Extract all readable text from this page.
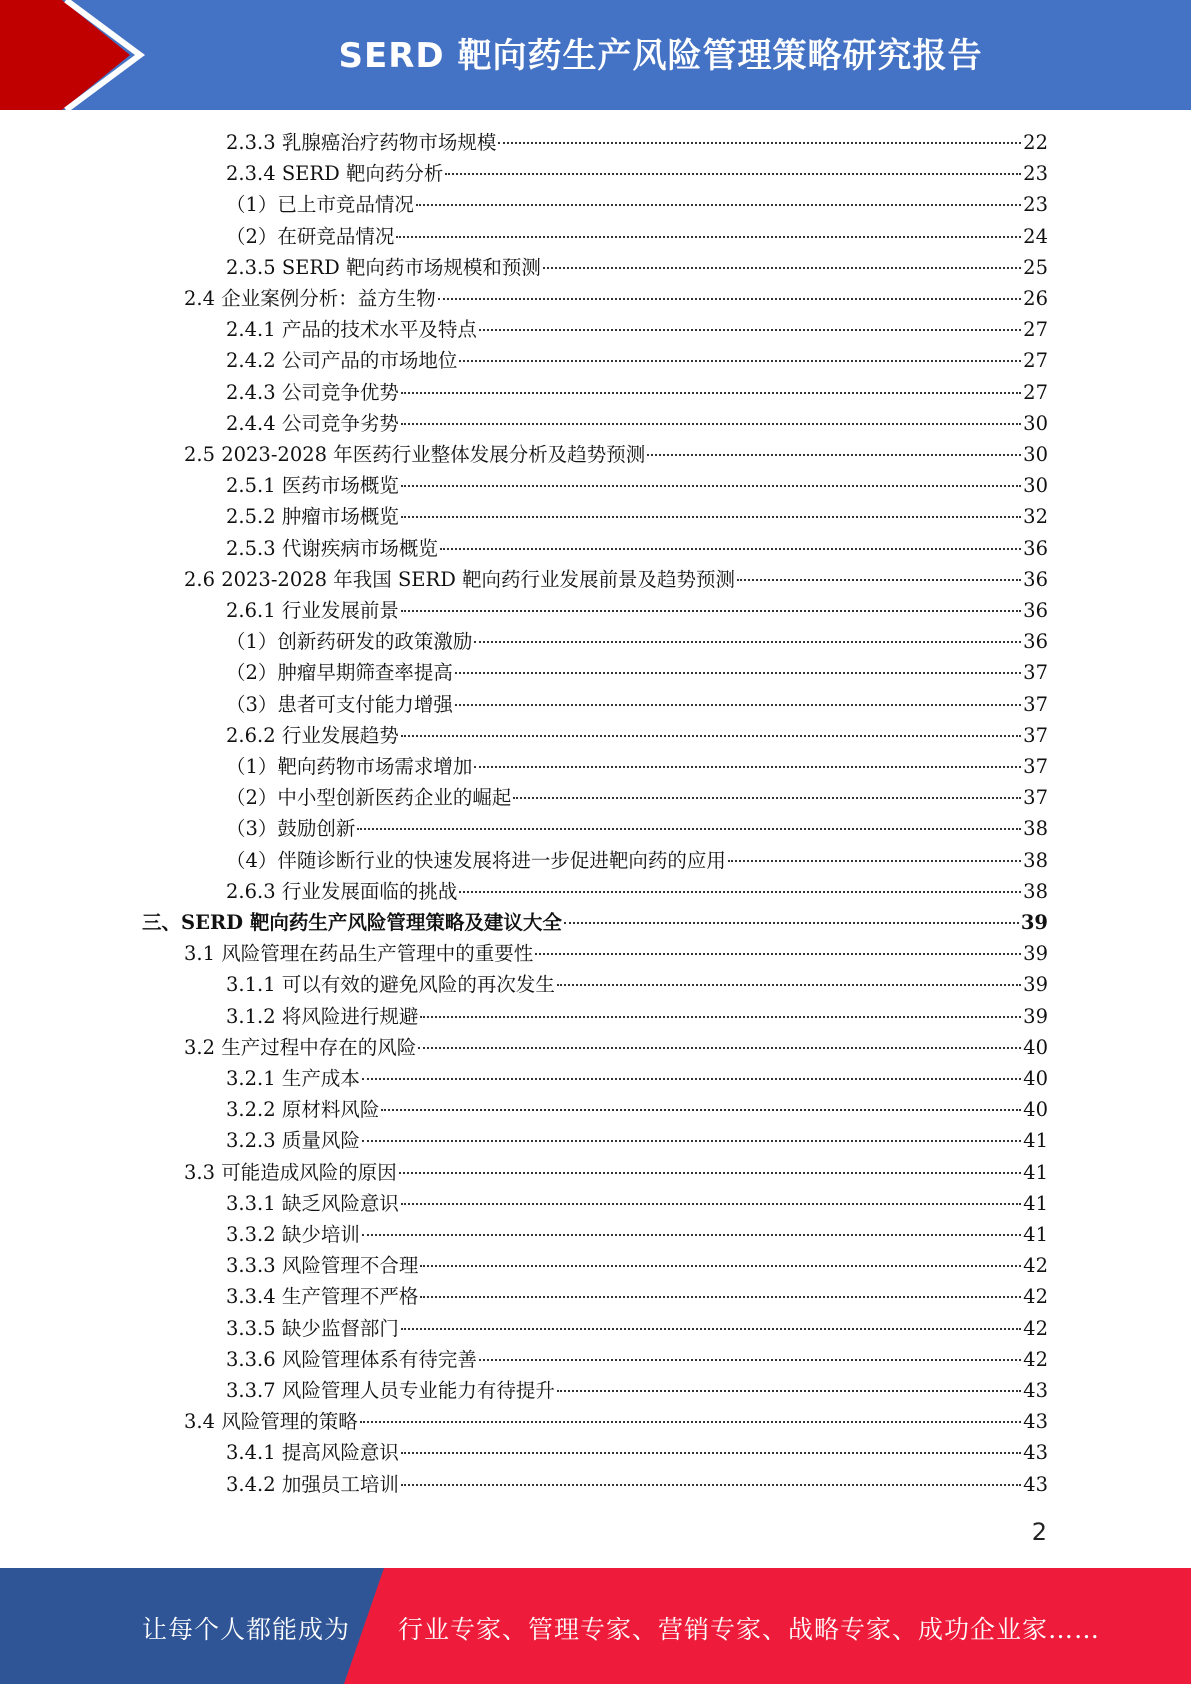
SERD 靶向药生产风险管理策略研究报告
2.3.3 乳腺癌治疗药物市场规模	22
2.3.4 SERD 靶向药分析	23
（1）已上市竞品情况	23
（2）在研竞品情况	24
2.3.5 SERD 靶向药市场规模和预测	25
2.4 企业案例分析：益方生物	26
2.4.1 产品的技术水平及特点	27
2.4.2 公司产品的市场地位	27
2.4.3 公司竞争优势	27
2.4.4 公司竞争劣势	30
2.5 2023-2028 年医药行业整体发展分析及趋势预测	30
2.5.1 医药市场概览	30
2.5.2 肿瘤市场概览	32
2.5.3 代谢疾病市场概览	36
2.6 2023-2028 年我国 SERD 靶向药行业发展前景及趋势预测	36
2.6.1 行业发展前景	36
（1）创新药研发的政策激励	36
（2）肿瘤早期筛查率提高	37
（3）患者可支付能力增强	37
2.6.2 行业发展趋势	37
（1）靶向药物市场需求增加	37
（2）中小型创新医药企业的崛起	37
（3）鼓励创新	38
（4）伴随诊断行业的快速发展将进一步促进靶向药的应用	38
2.6.3 行业发展面临的挑战	38
三、SERD 靶向药生产风险管理策略及建议大全	39
3.1 风险管理在药品生产管理中的重要性	39
3.1.1 可以有效的避免风险的再次发生	39
3.1.2 将风险进行规避	39
3.2 生产过程中存在的风险	40
3.2.1 生产成本	40
3.2.2 原材料风险	40
3.2.3 质量风险	41
3.3 可能造成风险的原因	41
3.3.1 缺乏风险意识	41
3.3.2 缺少培训	41
3.3.3 风险管理不合理	42
3.3.4 生产管理不严格	42
3.3.5 缺少监督部门	42
3.3.6 风险管理体系有待完善	42
3.3.7 风险管理人员专业能力有待提升	43
3.4 风险管理的策略	43
3.4.1 提高风险意识	43
3.4.2 加强员工培训	43
2
让每个人都能成为 行业专家、管理专家、营销专家、战略专家、成功企业家……
